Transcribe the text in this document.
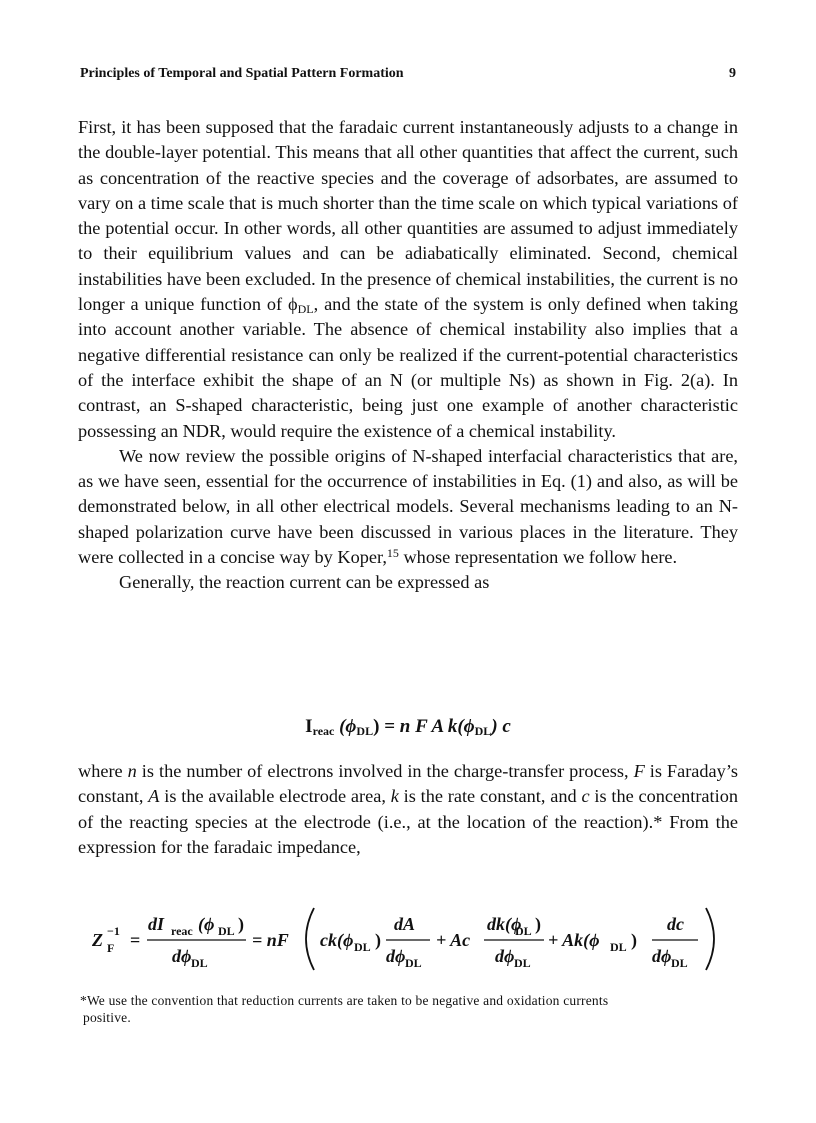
Principles of Temporal and Spatial Pattern Formation	9

First, it has been supposed that the faradaic current instantaneously adjusts to a change in the double-layer potential. This means that all other quantities that affect the current, such as concentration of the reactive species and the coverage of adsorbates, are assumed to vary on a time scale that is much shorter than the time scale on which typical variations of the potential occur. In other words, all other quantities are assumed to adjust immediately to their equilibrium values and can be adiabatically eliminated. Second, chemical instabilities have been excluded. In the presence of chemical instabilities, the current is no longer a unique function of $\phi_{DL}$, and the state of the system is only defined when taking into account another variable. The absence of chemical instability also implies that a negative differential resistance can only be realized if the current-potential characteristics of the interface exhibit the shape of an N (or multiple Ns) as shown in Fig. 2(a). In contrast, an S-shaped characteristic, being just one example of another characteristic possessing an NDR, would require the existence of a chemical instability.

We now review the possible origins of N-shaped interfacial characteristics that are, as we have seen, essential for the occurrence of instabilities in Eq. (1) and also, as will be demonstrated below, in all other electrical models. Several mechanisms leading to an N-shaped polarization curve have been discussed in various places in the literature. They were collected in a concise way by Koper,$^{15}$ whose representation we follow here.

Generally, the reaction current can be expressed as

$I_{reac}$ $(\phi_{DL}) = n$ F A $k(\phi_{DL})$ c

where n is the number of electrons involved in the charge-transfer process, F is Faraday’s constant, A is the available electrode area, k is the rate constant, and c is the concentration of the reacting species at the electrode (i.e., at the location of the reaction).* From the expression for the faradaic impedance,

Z F
−1 =
dI reac (ϕ DL )
dϕ DL
= nF ck(ϕ DL )
dA
dϕ DL
+ Ac
dk(ϕ
DL )
dϕ DL
+ Ak(ϕ DL )
dc
dϕ DL
*We use the convention that reduction currents are taken to be negative and oxidation currents
positive.
